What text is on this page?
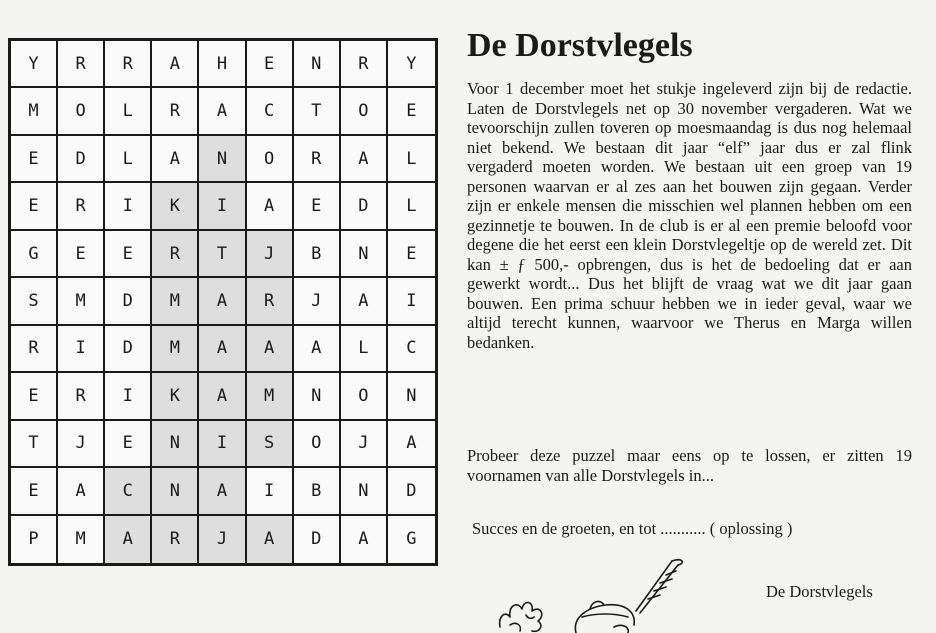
Y	R	R	A	H	E	N	R	Y
M	O	L	R	A	C	T	O	E
E	D	L	A	N	O	R	A	L
E	R	I	K	I	A	E	D	L
G	E	E	R	T	J	B	N	E
S	M	D	M	A	R	J	A	I
R	I	D	M	A	A	A	L	C
E	R	I	K	A	M	N	O	N
T	J	E	N	I	S	O	J	A
E	A	C	N	A	I	B	N	D
P	M	A	R	J	A	D	A	G
De Dorstvlegels

Voor 1 december moet het stukje ingeleverd zijn bij de redactie. Laten de Dorstvlegels net op 30 november vergaderen. Wat we tevoorschijn zullen toveren op moesmaandag is dus nog helemaal niet bekend. We bestaan dit jaar “elf” jaar dus er zal flink vergaderd moeten worden. We bestaan uit een groep van 19 personen waarvan er al zes aan het bouwen zijn gegaan. Verder zijn er enkele mensen die misschien wel plannen hebben om een gezinnetje te bouwen. In de club is er al een premie beloofd voor degene die het eerst een klein Dorstvlegeltje op de wereld zet. Dit kan ± ƒ 500,- opbrengen, dus is het de bedoeling dat er aan gewerkt wordt... Dus het blijft de vraag wat we dit jaar gaan bouwen. Een prima schuur hebben we in ieder geval, waar we altijd terecht kunnen, waarvoor we Therus en Marga willen bedanken.

Probeer deze puzzel maar eens op te lossen, er zitten 19 voornamen van alle Dorstvlegels in...

Succes en de groeten, en tot ........... ( oplossing )

De Dorstvlegels
